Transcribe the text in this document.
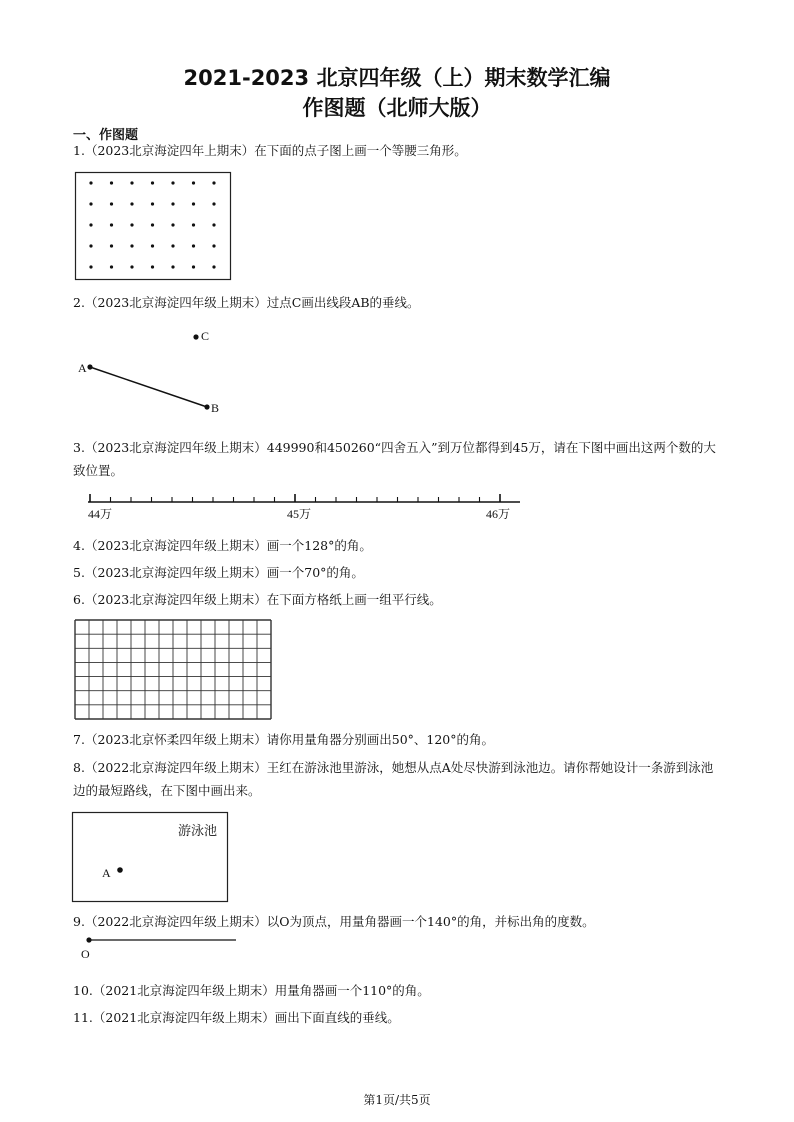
2021-2023 北京四年级（上）期末数学汇编
作图题（北师大版）
一、作图题
1.（2023北京海淀四年上期末）在下面的点子图上画一个等腰三角形。
2.（2023北京海淀四年级上期末）过点C画出线段AB的垂线。
A
B
C
3.（2023北京海淀四年级上期末）449990和450260“四舍五入”到万位都得到45万，请在下图中画出这两个数的大致位置。
44万	45万	46万
4.（2023北京海淀四年级上期末）画一个128°的角。
5.（2023北京海淀四年级上期末）画一个70°的角。
6.（2023北京海淀四年级上期末）在下面方格纸上画一组平行线。
7.（2023北京怀柔四年级上期末）请你用量角器分别画出50°、120°的角。
8.（2022北京海淀四年级上期末）王红在游泳池里游泳，她想从点A处尽快游到泳池边。请你帮她设计一条游到泳池边的最短路线，在下图中画出来。
A
游泳池
9.（2022北京海淀四年级上期末）以O为顶点，用量角器画一个140°的角，并标出角的度数。
O
10.（2021北京海淀四年级上期末）用量角器画一个110°的角。
11.（2021北京海淀四年级上期末）画出下面直线的垂线。
第1页/共5页
